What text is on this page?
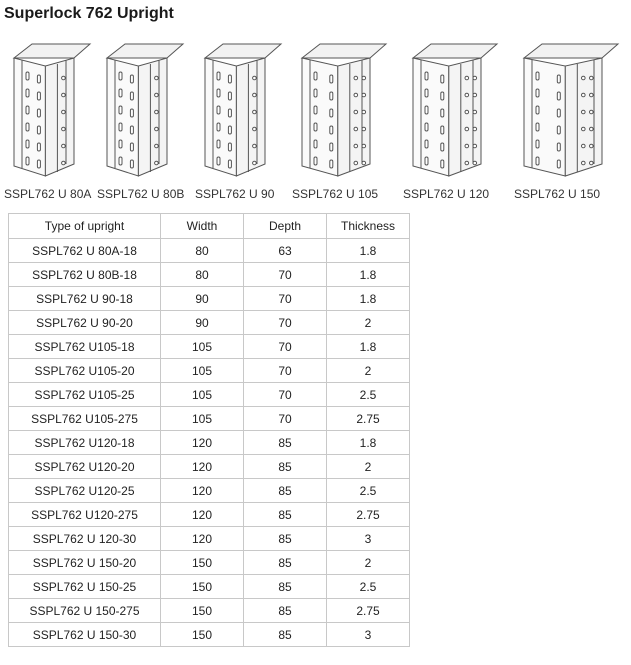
Superlock 762 Upright
SSPL762 U 80A SSPL762 U 80B SSPL762 U 90 SSPL762 U 105 SSPL762 U 120 SSPL762 U 150
Type of upright	Width	Depth	Thickness
SSPL762 U 80A-18	80	63	1.8
SSPL762 U 80B-18	80	70	1.8
SSPL762 U 90-18	90	70	1.8
SSPL762 U 90-20	90	70	2
SSPL762 U105-18	105	70	1.8
SSPL762 U105-20	105	70	2
SSPL762 U105-25	105	70	2.5
SSPL762 U105-275	105	70	2.75
SSPL762 U120-18	120	85	1.8
SSPL762 U120-20	120	85	2
SSPL762 U120-25	120	85	2.5
SSPL762 U120-275	120	85	2.75
SSPL762 U 120-30	120	85	3
SSPL762 U 150-20	150	85	2
SSPL762 U 150-25	150	85	2.5
SSPL762 U 150-275	150	85	2.75
SSPL762 U 150-30	150	85	3
